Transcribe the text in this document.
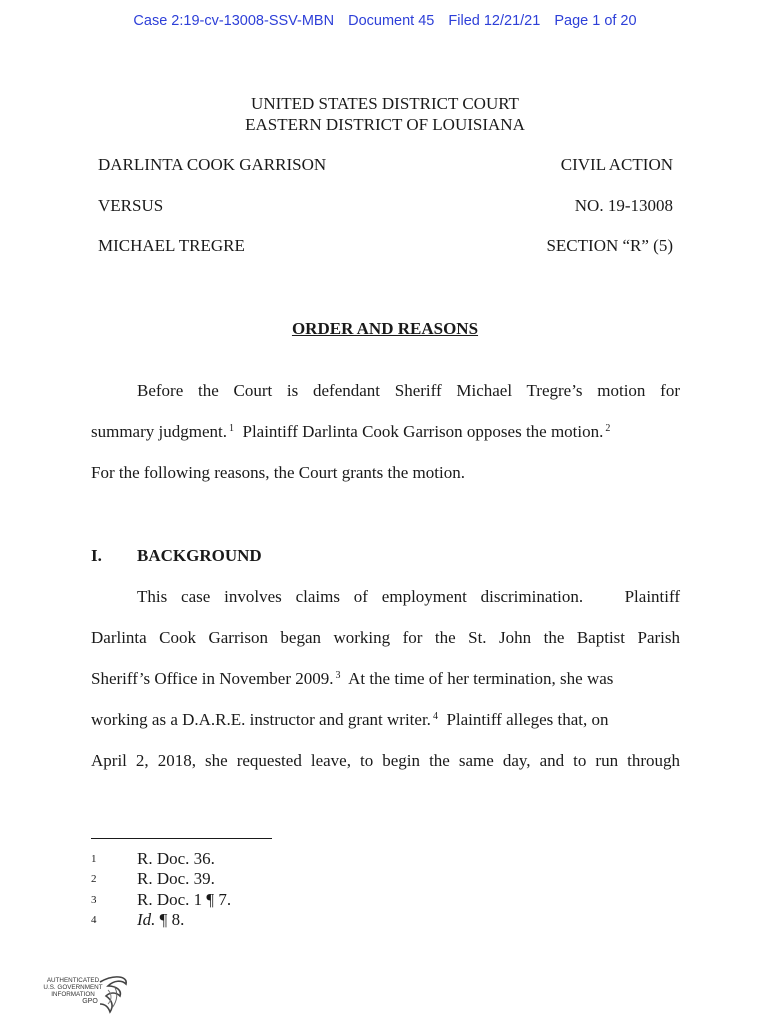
Case 2:19-cv-13008-SSV-MBN Document 45 Filed 12/21/21 Page 1 of 20
UNITED STATES DISTRICT COURT
EASTERN DISTRICT OF LOUISIANA
DARLINTA COOK GARRISON
VERSUS
MICHAEL TREGRE
CIVIL ACTION
NO. 19-13008
SECTION “R” (5)
ORDER AND REASONS
Before the Court is defendant Sheriff Michael Tregre’s motion for
summary judgment. $^1$ Plaintiff Darlinta Cook Garrison opposes the motion. $^2$
For the following reasons, the Court grants the motion.
I. BACKGROUND
This case involves claims of employment discrimination.   Plaintiff
Darlinta Cook Garrison began working for the St. John the Baptist Parish
Sheriff’s Office in November 2009. $^3$ At the time of her termination, she was
working as a D.A.R.E. instructor and grant writer. $^4$ Plaintiff alleges that, on
April 2, 2018, she requested leave, to begin the same day, and to run through
1 R. Doc. 36.
2 R. Doc. 39.
3 R. Doc. 1 ¶ 7.
4 Id. ¶ 8.
AUTHENTICATED
U.S. GOVERNMENT
INFORMATION
GPO
